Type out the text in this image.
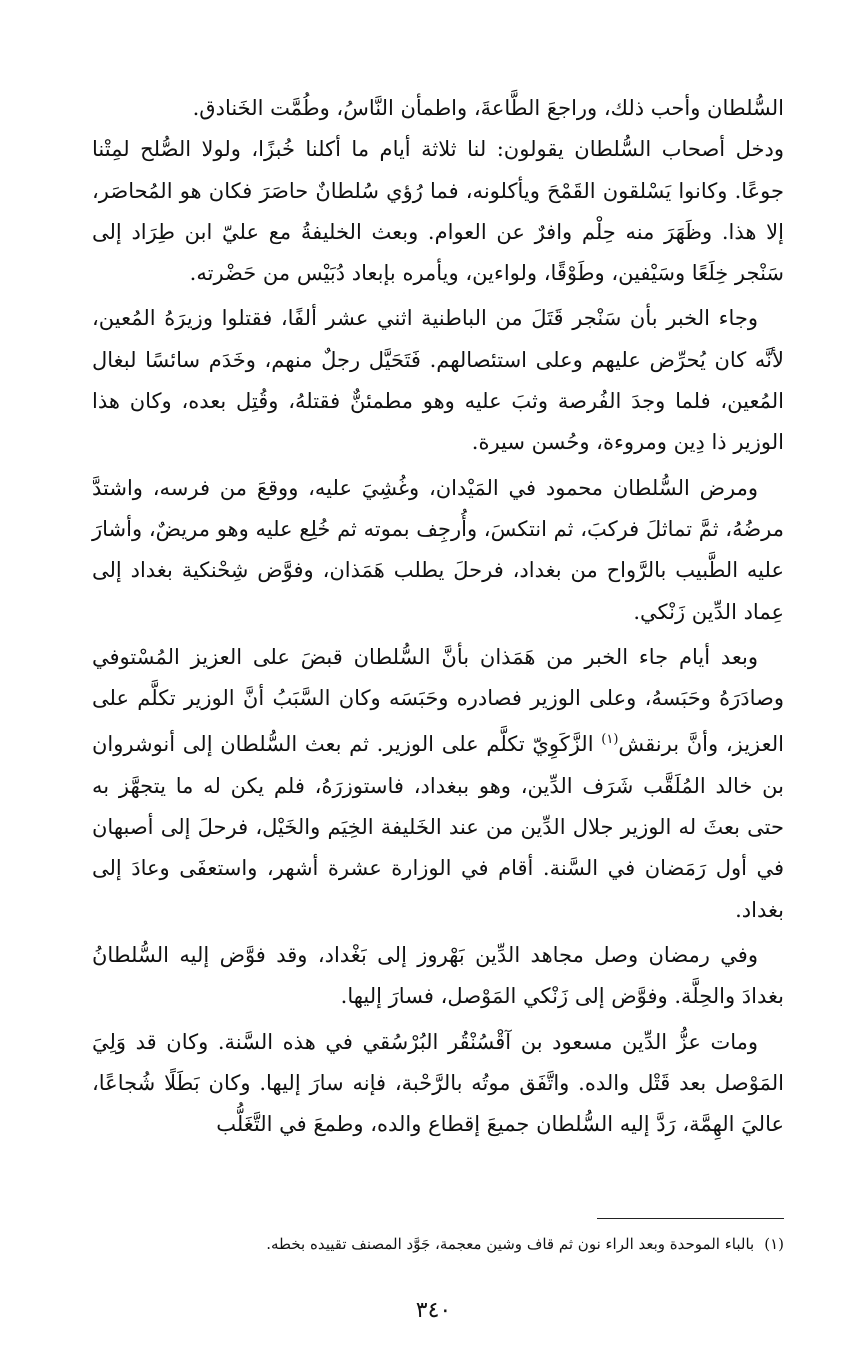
السُّلطان وأحب ذلك، وراجعَ الطَّاعةَ، واطمأن النَّاسُ، وطُمَّت الخَنادق.

ودخل أصحاب السُّلطان يقولون: لنا ثلاثة أيام ما أكلنا خُبزًا، ولولا الصُّلح لمِتْنا جوعًا. وكانوا يَسْلقون القَمْحَ ويأكلونه، فما رُؤي سُلطانٌ حاصَرَ فكان هو المُحاصَر، إلا هذا. وظَهَرَ منه حِلْم وافرٌ عن العوام. وبعث الخليفةُ مع عليّ ابن طِرَاد إلى سَنْجر خِلَعًا وسَيْفين، وطَوْقًا، ولواءين، ويأمره بإبعاد دُبَيْس من حَضْرته.

وجاء الخبر بأن سَنْجر قَتَلَ من الباطنية اثني عشر ألفًا، فقتلوا وزيرَهُ المُعين، لأنَّه كان يُحرِّض عليهم وعلى استئصالهم. فَتَحَيَّل رجلٌ منهم، وخَدَم سائسًا لبغال المُعين، فلما وجدَ الفُرصة وثبَ عليه وهو مطمئنٌّ فقتلهُ، وقُتِل بعده، وكان هذا الوزير ذا دِين ومروءة، وحُسن سيرة.

ومرض السُّلطان محمود في المَيْدان، وغُشِيَ عليه، ووقعَ من فرسه، واشتدَّ مرضُهُ، ثمَّ تماثلَ فركبَ، ثم انتكسَ، وأُرجِف بموته ثم خُلِع عليه وهو مريضٌ، وأشارَ عليه الطَّبيب بالرَّواح من بغداد، فرحلَ يطلب هَمَذان، وفوَّض شِحْنكية بغداد إلى عِماد الدِّين زَنْكي.

وبعد أيام جاء الخبر من هَمَذان بأنَّ السُّلطان قبضَ على العزيز المُسْتوفي وصادَرَهُ وحَبَسهُ، وعلى الوزير فصادره وحَبَسَه وكان السَّبَبُ أنَّ الوزير تكلَّم على العزيز، وأنَّ برنقش$^{(١)}$ الزَّكَوِيّ تكلَّم على الوزير. ثم بعث السُّلطان إلى أنوشروان بن خالد المُلَقَّب شَرَف الدِّين، وهو ببغداد، فاستوزرَهُ، فلم يكن له ما يتجهَّز به حتى بعثَ له الوزير جلال الدِّين من عند الخَليفة الخِيَم والخَيْل، فرحلَ إلى أصبهان في أول رَمَضان في السَّنة. أقام في الوزارة عشرة أشهر، واستعفَى وعادَ إلى بغداد.

وفي رمضان وصل مجاهد الدِّين بَهْروز إلى بَغْداد، وقد فوَّض إليه السُّلطانُ بغدادَ والحِلَّة. وفوَّض إلى زَنْكي المَوْصل، فسارَ إليها.

ومات عزُّ الدِّين مسعود بن آقْسُنْقُر البُرْسُقي في هذه السَّنة. وكان قد وَلِيَ المَوْصل بعد قَتْل والده. واتَّفَق موتُه بالرَّحْبة، فإنه سارَ إليها. وكان بَطَلًا شُجاعًا، عاليَ الهِمَّة، رَدَّ إليه السُّلطان جميعَ إقطاع والده، وطمعَ في التَّغَلُّب

(١)بالباء الموحدة وبعد الراء نون ثم قاف وشين معجمة، جَوَّد المصنف تقييده بخطه.
٣٤٠
